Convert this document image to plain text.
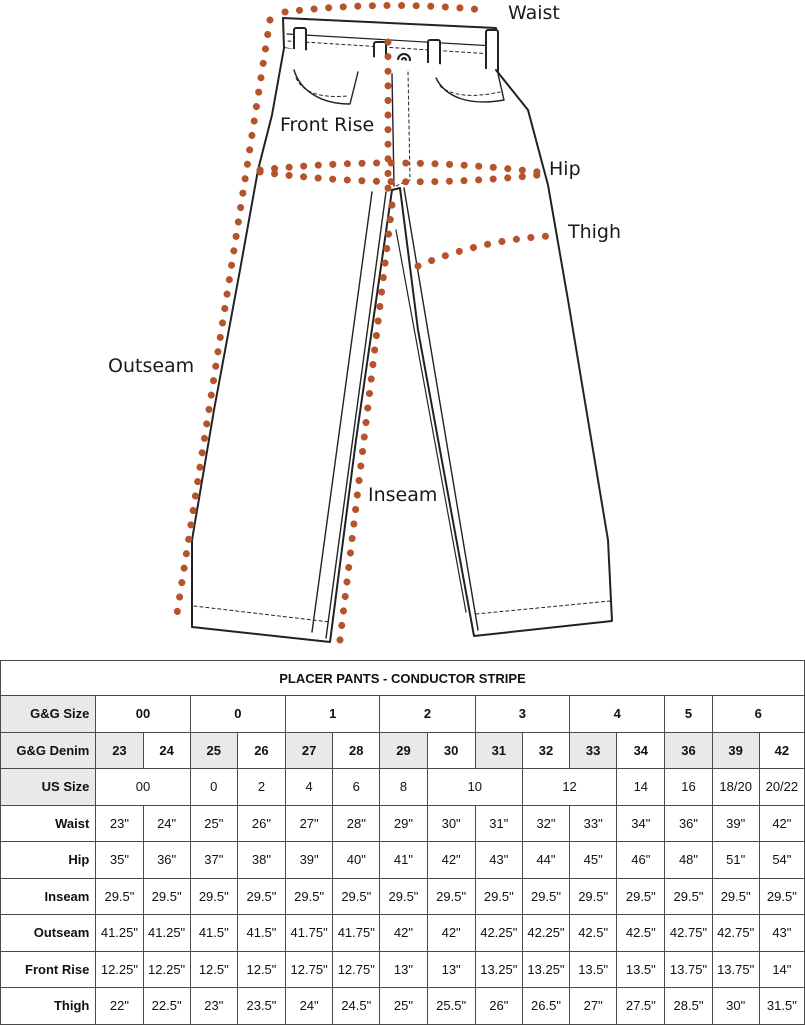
Waist
Front Rise
Hip
Thigh
Outseam
Inseam
PLACER PANTS - CONDUCTOR STRIPE															
G&G Size	00		0		1		2		3		4		5	6	
G&G Denim	23	24	25	26	27	28	29	30	31	32	33	34	36	39	42
US Size	00		0	2	4	6	8	10		12		14	16	18/20	20/22
Waist	23"	24"	25"	26"	27"	28"	29"	30"	31"	32"	33"	34"	36"	39"	42"
Hip	35"	36"	37"	38"	39"	40"	41"	42"	43"	44"	45"	46"	48"	51"	54"
Inseam	29.5"	29.5"	29.5"	29.5"	29.5"	29.5"	29.5"	29.5"	29.5"	29.5"	29.5"	29.5"	29.5"	29.5"	29.5"
Outseam	41.25"	41.25"	41.5"	41.5"	41.75"	41.75"	42"	42"	42.25"	42.25"	42.5"	42.5"	42.75"	42.75"	43"
Front Rise	12.25"	12.25"	12.5"	12.5"	12.75"	12.75"	13"	13"	13.25"	13.25"	13.5"	13.5"	13.75"	13.75"	14"
Thigh	22"	22.5"	23"	23.5"	24"	24.5"	25"	25.5"	26"	26.5"	27"	27.5"	28.5"	30"	31.5"
